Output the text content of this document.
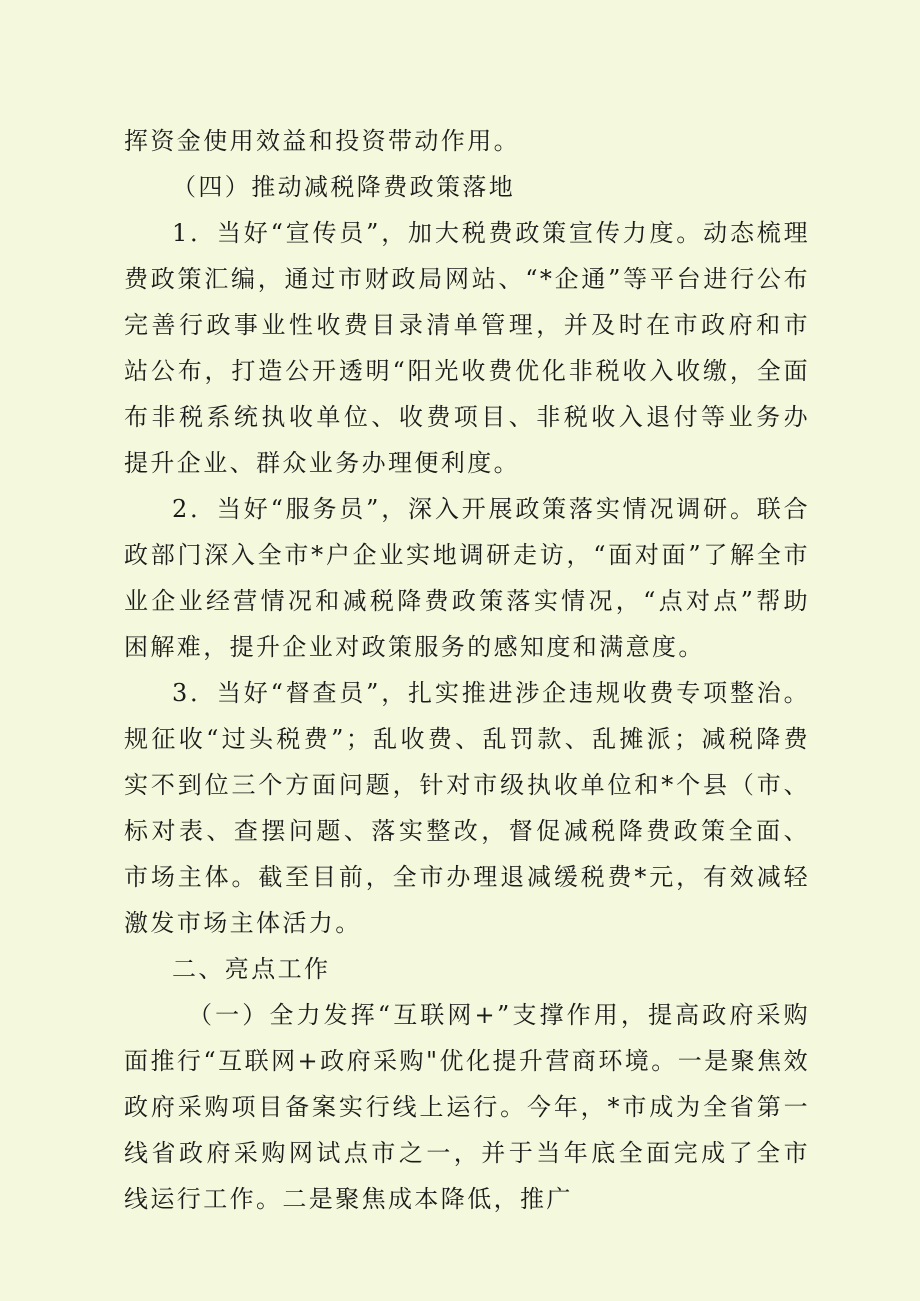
挥资金使用效益和投资带动作用。
（四）推动减税降费政策落地
1．当好“宣传员”，加大税费政策宣传力度。动态梳理
费政策汇编，通过市财政局网站、“*企通”等平台进行公布
完善行政事业性收费目录清单管理，并及时在市政府和市
站公布，打造公开透明“阳光收费优化非税收入收缴，全面
布非税系统执收单位、收费项目、非税收入退付等业务办
提升企业、群众业务办理便利度。
2．当好“服务员”，深入开展政策落实情况调研。联合
政部门深入全市*户企业实地调研走访，“面对面”了解全市
业企业经营情况和减税降费政策落实情况，“点对点”帮助
困解难，提升企业对政策服务的感知度和满意度。
3．当好“督查员”，扎实推进涉企违规收费专项整治。
规征收“过头税费”；乱收费、乱罚款、乱摊派；减税降费
实不到位三个方面问题，针对市级执收单位和*个县（市、
标对表、查摆问题、落实整改，督促减税降费政策全面、
市场主体。截至目前，全市办理退减缓税费*元，有效减轻
激发市场主体活力。
二、亮点工作
（一）全力发挥“互联网+”支撑作用，提高政府采购
面推行“互联网+政府采购"优化提升营商环境。一是聚焦效
政府采购项目备案实行线上运行。今年，*市成为全省第一
线省政府采购网试点市之一，并于当年底全面完成了全市
线运行工作。二是聚焦成本降低，推广
